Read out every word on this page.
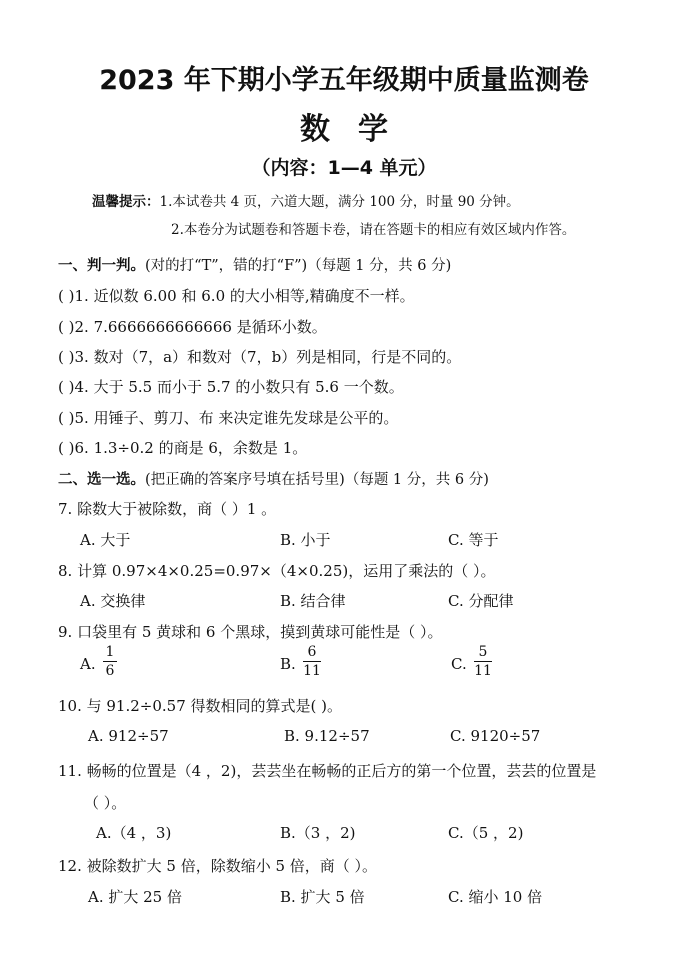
2023 年下期小学五年级期中质量监测卷
数学
（内容：1—4 单元）
温馨提示：1.本试卷共 4 页，六道大题，满分 100 分，时量 90 分钟。
2.本卷分为试题卷和答题卡卷，请在答题卡的相应有效区域内作答。
一、判一判。(对的打“T”，错的打“F”)（每题 1 分，共 6 分)
( )1. 近似数 6.00 和 6.0 的大小相等,精确度不一样。
( )2. 7.6666666666666 是循环小数。
( )3. 数对（7，a）和数对（7，b）列是相同，行是不同的。
( )4. 大于 5.5 而小于 5.7 的小数只有 5.6 一个数。
( )5. 用锤子、剪刀、布 来决定谁先发球是公平的。
( )6. 1.3÷0.2 的商是 6，余数是 1。
二、选一选。(把正确的答案序号填在括号里)（每题 1 分，共 6 分)
7. 除数大于被除数，商（ ）1 。
A. 大于	B. 小于	C. 等于
8. 计算 0.97×4×0.25=0.97×（4×0.25)，运用了乘法的（ ）。
A. 交换律	B. 结合律	C. 分配律
9. 口袋里有 5 黄球和 6 个黑球，摸到黄球可能性是（ ）。
A.
1
6	B.
6
11	C.
5
11
10. 与 91.2÷0.57 得数相同的算式是( )。
A. 912÷57	B. 9.12÷57	C. 9120÷57
11. 畅畅的位置是（4 ，2)，芸芸坐在畅畅的正后方的第一个位置，芸芸的位置是
（ ）。
A.（4 ，3)	B.（3 ，2)	C.（5 ，2)
12. 被除数扩大 5 倍，除数缩小 5 倍，商（ ）。
A. 扩大 25 倍	B. 扩大 5 倍	C. 缩小 10 倍
